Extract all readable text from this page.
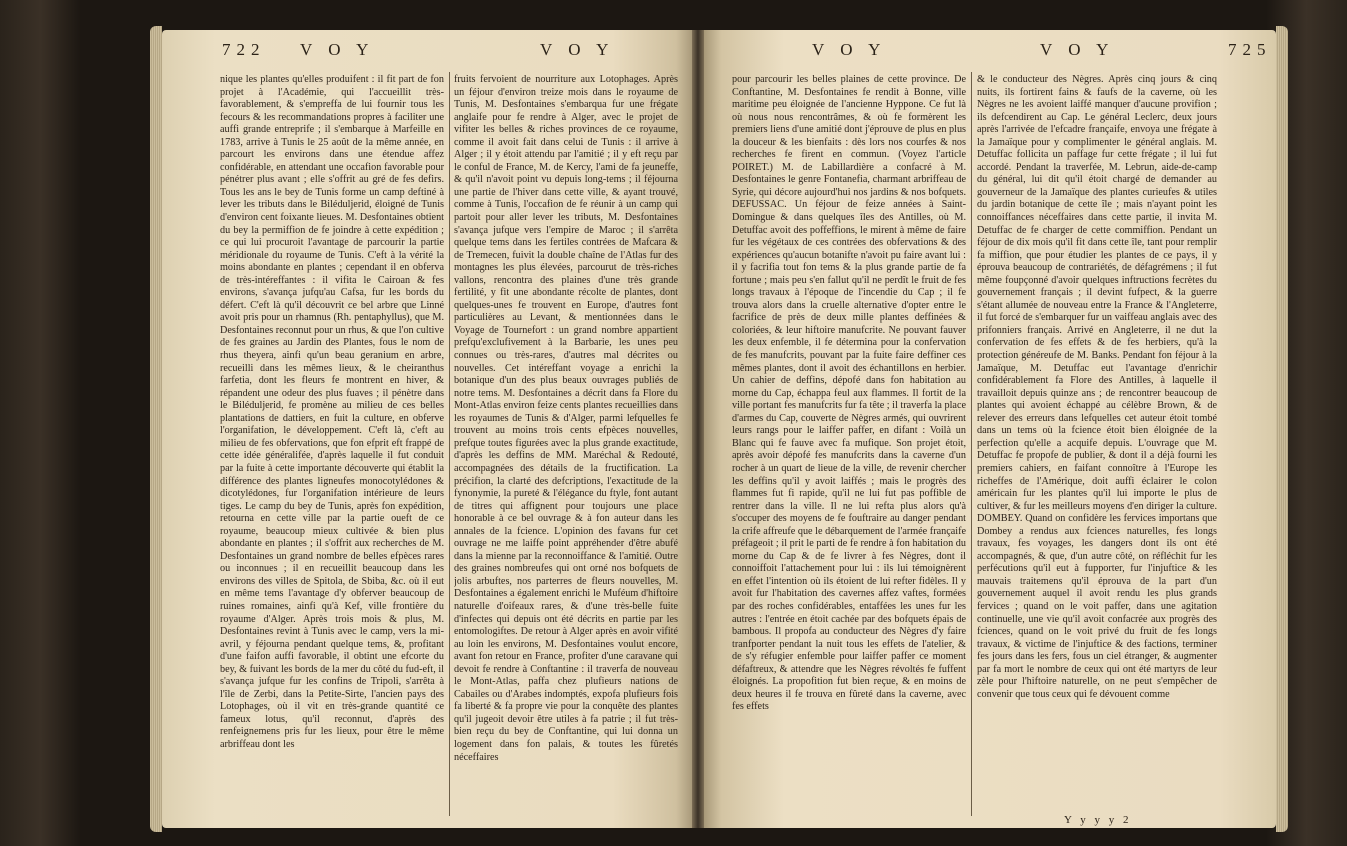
722 V O Y	V O Y
nique les plantes qu'elles produifent : il fit part de fon projet à l'Académie, qui l'accueillit très-favorablement, & s'empreffa de lui fournir tous les fecours & les recommandations propres à faciliter une auffi grande entreprife ; il s'embarque à Marfeille en 1783, arrive à Tunis le 25 août de la même année, en parcourt les environs dans une étendue affez confidérable, en attendant une occafion favorable pour pénétrer plus avant ; elle s'offrit au gré de fes defirs. Tous les ans le bey de Tunis forme un camp deftiné à lever les tributs dans le Biléduljerid, éloigné de Tunis d'environ cent foixante lieues. M. Desfontaines obtient du bey la permiffion de fe joindre à cette expédition ; ce qui lui procuroit l'avantage de parcourir la partie méridionale du royaume de Tunis. C'eft à la vérité la moins abondante en plantes ; cependant il en obferva de très-intéreffantes : il vifita le Cairoan & fes environs, s'avança jufqu'au Cafsa, fur les bords du défert. C'eft là qu'il découvrit ce bel arbre que Linné avoit pris pour un rhamnus (Rh. pentaphyllus), que M. Desfontaines reconnut pour un rhus, & que l'on cultive de fes graines au Jardin des Plantes, fous le nom de rhus theyera, ainfi qu'un beau geranium en arbre, recueilli dans les mêmes lieux, & le cheiranthus farfetia, dont les fleurs fe montrent en hiver, & répandent une odeur des plus fuaves ; il pénètre dans le Biléduljerid, fe promène au milieu de ces belles plantations de dattiers, en fuit la culture, en obferve l'organifation, le développement. C'eft là, c'eft au milieu de fes obfervations, que fon efprit eft frappé de cette idée généralifée, d'après laquelle il fut conduit par la fuite à cette importante découverte qui établit la différence des plantes ligneufes monocotylédones & dicotylédones, fur l'organifation intérieure de leurs tiges. Le camp du bey de Tunis, après fon expédition, retourna en cette ville par la partie oueft de ce royaume, beaucoup mieux cultivée & bien plus abondante en plantes ; il s'offrit aux recherches de M. Desfontaines un grand nombre de belles efpèces rares ou inconnues ; il en recueillit beaucoup dans les environs des villes de Spitola, de Sbiba, &c. où il eut en même tems l'avantage d'y obferver beaucoup de ruines romaines, ainfi qu'à Kef, ville frontière du royaume d'Alger. Après trois mois & plus, M. Desfontaines revint à Tunis avec le camp, vers la mi-avril, y féjourna pendant quelque tems, &, profitant d'une faifon auffi favorable, il obtint une efcorte du bey, & fuivant les bords de la mer du côté du fud-eft, il s'avança jufque fur les confins de Tripoli, s'arrêta à l'île de Zerbi, dans la Petite-Sirte, l'ancien pays des Lotophages, où il vit en très-grande quantité ce fameux lotus, qu'il reconnut, d'après des renfeignemens pris fur les lieux, pour être le même arbriffeau dont les
fruits fervoient de nourriture aux Lotophages. Après un féjour d'environ treize mois dans le royaume de Tunis, M. Desfontaines s'embarqua fur une frégate anglaife pour fe rendre à Alger, avec le projet de vifiter les belles & riches provinces de ce royaume, comme il avoit fait dans celui de Tunis : il arrive à Alger ; il y étoit attendu par l'amitié ; il y eft reçu par le conful de France, M. de Kercy, l'ami de fa jeuneffe, & qu'il n'avoit point vu depuis long-tems ; il féjourna une partie de l'hiver dans cette ville, & ayant trouvé, comme à Tunis, l'occafion de fe réunir à un camp qui partoit pour aller lever les tributs, M. Desfontaines s'avança jufque vers l'empire de Maroc ; il s'arrêta quelque tems dans les fertiles contrées de Mafcara & de Tremecen, fuivit la double chaîne de l'Atlas fur des montagnes les plus élevées, parcourut de très-riches vallons, rencontra des plaines d'une très grande fertilité, y fit une abondante récolte de plantes, dont quelques-unes fe trouvent en Europe, d'autres font particulières au Levant, & mentionnées dans le Voyage de Tournefort : un grand nombre appartient prefqu'exclufivement à la Barbarie, les unes peu connues ou très-rares, d'autres mal décrites ou nouvelles. Cet intéreffant voyage a enrichi la botanique d'un des plus beaux ouvrages publiés de notre tems. M. Desfontaines a décrit dans fa Flore du Mont-Atlas environ feize cents plantes recueillies dans les royaumes de Tunis & d'Alger, parmi lefquelles fe trouvent au moins trois cents efpèces nouvelles, prefque toutes figurées avec la plus grande exactitude, d'après les deffins de MM. Maréchal & Redouté, accompagnées des détails de la fructification. La précifion, la clarté des defcriptions, l'exactitude de la fynonymie, la pureté & l'élégance du ftyle, font autant de titres qui affignent pour toujours une place honorable à ce bel ouvrage & à fon auteur dans les annales de la fcience. L'opinion des favans fur cet ouvrage ne me laiffe point appréhender d'être abufé dans la mienne par la reconnoiffance & l'amitié. Outre des graines nombreufes qui ont orné nos bofquets de jolis arbuftes, nos parterres de fleurs nouvelles, M. Desfontaines a également enrichi le Muféum d'hiftoire naturelle d'oifeaux rares, & d'une très-belle fuite d'infectes qui depuis ont été décrits en partie par les entomologiftes. De retour à Alger après en avoir vifité au loin les environs, M. Desfontaines voulut encore, avant fon retour en France, profiter d'une caravane qui devoit fe rendre à Conftantine : il traverfa de nouveau le Mont-Atlas, paffa chez plufieurs nations de Cabailes ou d'Arabes indomptés, expofa plufieurs fois fa liberté & fa propre vie pour la conquête des plantes qu'il jugeoit devoir être utiles à fa patrie ; il fut très-bien reçu du bey de Conftantine, qui lui donna un logement dans fon palais, & toutes les fûretés néceffaires
V O Y	V O Y	725
pour parcourir les belles plaines de cette province. De Conftantine, M. Desfontaines fe rendit à Bonne, ville maritime peu éloignée de l'ancienne Hyppone. Ce fut là où nous nous rencontrâmes, & où fe formèrent les premiers liens d'une amitié dont j'éprouve de plus en plus la douceur & les bienfaits : dès lors nos courfes & nos recherches fe firent en commun. (Voyez l'article POIRET.) M. de Labillardière a confacré à M. Desfontaines le genre Fontanefia, charmant arbriffeau de Syrie, qui décore aujourd'hui nos jardins & nos bofquets. DEFUSSAC. Un féjour de feize années à Saint-Domingue & dans quelques îles des Antilles, où M. Detuffac avoit des poffeffions, le mirent à même de faire fur les végétaux de ces contrées des obfervations & des expériences qu'aucun botanifte n'avoit pu faire avant lui : il y facrifia tout fon tems & la plus grande partie de fa fortune ; mais peu s'en fallut qu'il ne perdît le fruit de fes longs travaux à l'époque de l'incendie du Cap ; il fe trouva alors dans la cruelle alternative d'opter entre le facrifice de près de deux mille plantes deffinées & coloriées, & leur hiftoire manufcrite. Ne pouvant fauver les deux enfemble, il fe détermina pour la confervation de fes manufcrits, pouvant par la fuite faire deffiner ces mêmes plantes, dont il avoit des échantillons en herbier. Un cahier de deffins, dépofé dans fon habitation au morne du Cap, échappa feul aux flammes. Il fortit de la ville portant fes manufcrits fur fa tête ; il traverfa la place d'armes du Cap, couverte de Nègres armés, qui ouvrirent leurs rangs pour le laiffer paffer, en difant : Voilà un Blanc qui fe fauve avec fa mufique. Son projet étoit, après avoir dépofé fes manufcrits dans la caverne d'un rocher à un quart de lieue de la ville, de revenir chercher les deffins qu'il y avoit laiffés ; mais le progrès des flammes fut fi rapide, qu'il ne lui fut pas poffible de rentrer dans la ville. Il ne lui refta plus alors qu'à s'occuper des moyens de fe fouftraire au danger pendant la crife affreufe que le débarquement de l'armée françaife préfageoit ; il prit le parti de fe rendre à fon habitation du morne du Cap & de fe livrer à fes Nègres, dont il connoiffoit l'attachement pour lui : ils lui témoignèrent en effet l'intention où ils étoient de lui refter fidèles. Il y avoit fur l'habitation des cavernes affez vaftes, formées par des roches confidérables, entaffées les unes fur les autres : l'entrée en étoit cachée par des bofquets épais de bambous. Il propofa au conducteur des Nègres d'y faire tranfporter pendant la nuit tous les effets de l'atelier, & de s'y réfugier enfemble pour laiffer paffer ce moment défaftreux, & attendre que les Nègres révoltés fe fuffent éloignés. La propofition fut bien reçue, & en moins de deux heures il fe trouva en fûreté dans la caverne, avec fes effets
& le conducteur des Nègres. Après cinq jours & cinq nuits, ils fortirent fains & faufs de la caverne, où les Nègres ne les avoient laiffé manquer d'aucune provifion ; ils defcendirent au Cap. Le général Leclerc, deux jours après l'arrivée de l'efcadre françaife, envoya une frégate à la Jamaïque pour y complimenter le général anglais. M. Detuffac follicita un paffage fur cette frégate ; il lui fut accordé. Pendant la traverfée, M. Lebrun, aide-de-camp du général, lui dit qu'il étoit chargé de demander au gouverneur de la Jamaïque des plantes curieufes & utiles du jardin botanique de cette île ; mais n'ayant point les connoiffances néceffaires dans cette partie, il invita M. Detuffac de fe charger de cette commiffion. Pendant un féjour de dix mois qu'il fit dans cette île, tant pour remplir fa miffion, que pour étudier les plantes de ce pays, il y éprouva beaucoup de contrariétés, de défagrémens ; il fut même foupçonné d'avoir quelques inftructions fecrètes du gouvernement français ; il devint fufpect, & la guerre s'étant allumée de nouveau entre la France & l'Angleterre, il fut forcé de s'embarquer fur un vaiffeau anglais avec des prifonniers français. Arrivé en Angleterre, il ne dut la confervation de fes effets & de fes herbiers, qu'à la protection généreufe de M. Banks. Pendant fon féjour à la Jamaïque, M. Detuffac eut l'avantage d'enrichir confidérablement fa Flore des Antilles, à laquelle il travailloit depuis quinze ans ; de rencontrer beaucoup de plantes qui avoient échappé au célèbre Brown, & de relever des erreurs dans lefquelles cet auteur étoit tombé dans un tems où la fcience étoit bien éloignée de la perfection qu'elle a acquife depuis. L'ouvrage que M. Detuffac fe propofe de publier, & dont il a déjà fourni les premiers cahiers, en faifant connoître à l'Europe les richeffes de l'Amérique, doit auffi éclairer le colon américain fur les plantes qu'il lui importe le plus de cultiver, & fur les meilleurs moyens d'en diriger la culture. DOMBEY. Quand on confidère les fervices importans que Dombey a rendus aux fciences naturelles, fes longs travaux, fes voyages, les dangers dont ils ont été accompagnés, & que, d'un autre côté, on réfléchit fur les perfécutions qu'il eut à fupporter, fur l'injuftice & les mauvais traitemens qu'il éprouva de la part d'un gouvernement auquel il avoit rendu les plus grands fervices ; quand on le voit paffer, dans une agitation continuelle, une vie qu'il avoit confacrée aux progrès des fciences, quand on le voit privé du fruit de fes longs travaux, & victime de l'injuftice & des factions, terminer fes jours dans les fers, fous un ciel étranger, & augmenter par fa mort le nombre de ceux qui ont été martyrs de leur zèle pour l'hiftoire naturelle, on ne peut s'empêcher de convenir que tous ceux qui fe dévouent comme
Y y y y 2
